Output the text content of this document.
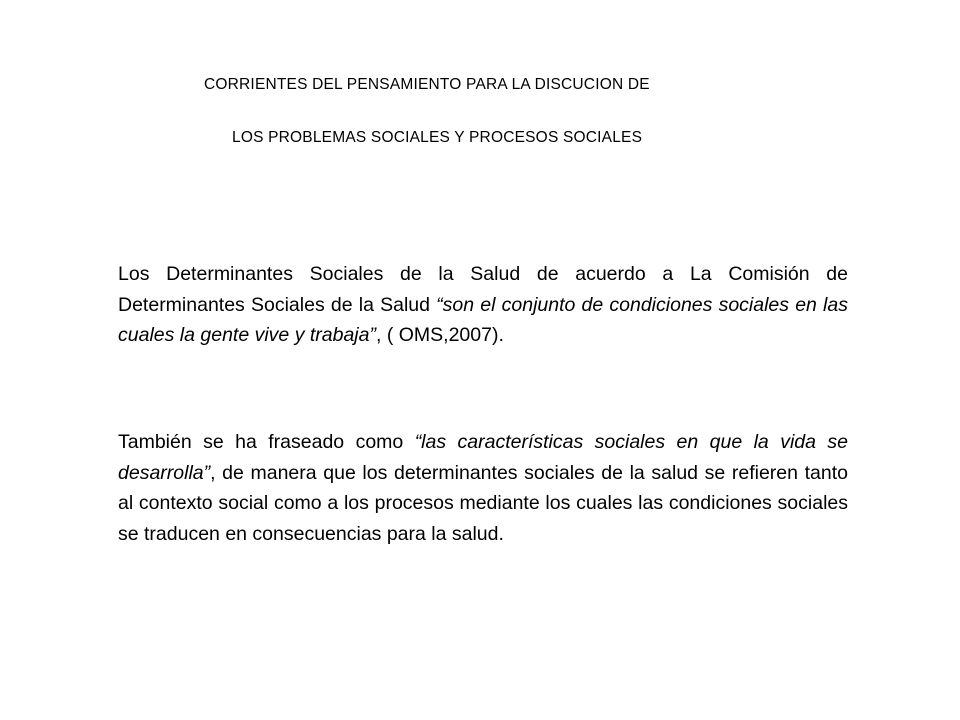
CORRIENTES DEL PENSAMIENTO PARA LA DISCUCION DE
LOS PROBLEMAS SOCIALES Y PROCESOS SOCIALES

Los Determinantes Sociales de la Salud de acuerdo a La Comisión de Determinantes Sociales de la Salud “son el conjunto de condiciones sociales en las cuales la gente vive y trabaja”, ( OMS,2007).

También se ha fraseado como “las características sociales en que la vida se desarrolla”, de manera que los determinantes sociales de la salud se refieren tanto al contexto social como a los procesos mediante los cuales las condiciones sociales se traducen en consecuencias para la salud.
